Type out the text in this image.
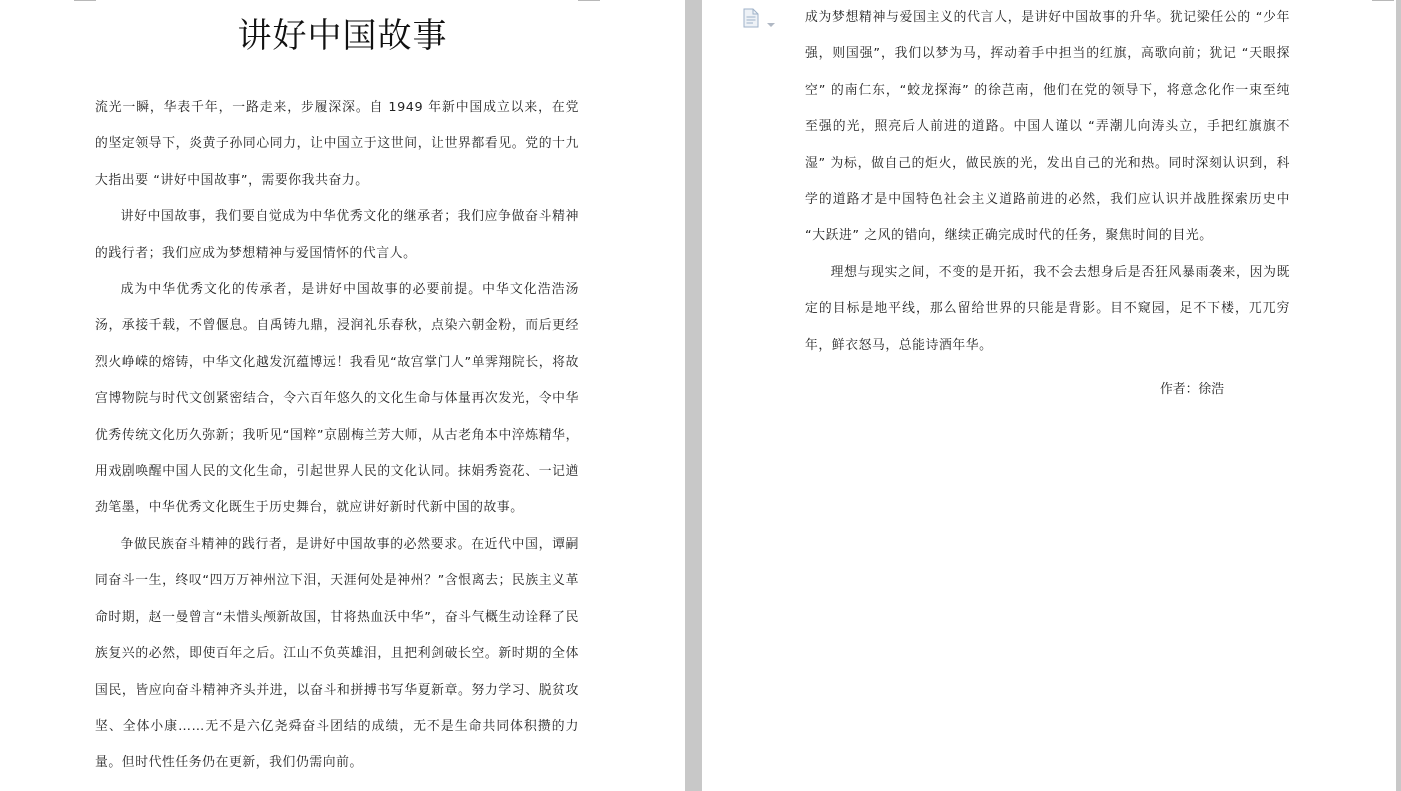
讲好中国故事

流光一瞬，华表千年，一路走来，步履深深。自 1949 年新中国成立以来，在党的坚定领导下，炎黄子孙同心同力，让中国立于这世间，让世界都看见。党的十九大指出要 “讲好中国故事”，需要你我共奋力。

讲好中国故事，我们要自觉成为中华优秀文化的继承者；我们应争做奋斗精神的践行者；我们应成为梦想精神与爱国情怀的代言人。

成为中华优秀文化的传承者，是讲好中国故事的必要前提。中华文化浩浩汤汤，承接千载，不曾偃息。自禹铸九鼎，浸润礼乐春秋，点染六朝金粉，而后更经烈火峥嵘的熔铸，中华文化越发沉蕴博远！我看见“故宫掌门人”单霁翔院长，将故宫博物院与时代文创紧密结合，令六百年悠久的文化生命与体量再次发光，令中华优秀传统文化历久弥新；我听见“国粹”京剧梅兰芳大师，从古老角本中淬炼精华，用戏剧唤醒中国人民的文化生命，引起世界人民的文化认同。抹娟秀瓷花、一记遒劲笔墨，中华优秀文化既生于历史舞台，就应讲好新时代新中国的故事。

争做民族奋斗精神的践行者，是讲好中国故事的必然要求。在近代中国，谭嗣同奋斗一生，终叹“四万万神州泣下泪，天涯何处是神州？”含恨离去；民族主义革命时期，赵一曼曾言“未惜头颅新故国，甘将热血沃中华”，奋斗气概生动诠释了民族复兴的必然，即使百年之后。江山不负英雄泪，且把利剑破长空。新时期的全体国民，皆应向奋斗精神齐头并进，以奋斗和拼搏书写华夏新章。努力学习、脱贫攻坚、全体小康……无不是六亿尧舜奋斗团结的成绩，无不是生命共同体积攒的力量。但时代性任务仍在更新，我们仍需向前。

成为梦想精神与爱国主义的代言人，是讲好中国故事的升华。犹记梁任公的 “少年强，则国强”，我们以梦为马，挥动着手中担当的红旗，高歌向前；犹记 “天眼探空” 的南仁东，“蛟龙探海” 的徐芑南，他们在党的领导下，将意念化作一束至纯至强的光，照亮后人前进的道路。中国人谨以 “弄潮儿向涛头立，手把红旗旗不湿” 为标，做自己的炬火，做民族的光，发出自己的光和热。同时深刻认识到，科学的道路才是中国特色社会主义道路前进的必然，我们应认识并战胜探索历史中 “大跃进” 之风的错向，继续正确完成时代的任务，聚焦时间的目光。

理想与现实之间，不变的是开拓，我不会去想身后是否狂风暴雨袭来，因为既定的目标是地平线，那么留给世界的只能是背影。目不窥园，足不下楼，兀兀穷年，鲜衣怒马，总能诗酒年华。

作者：徐浩
